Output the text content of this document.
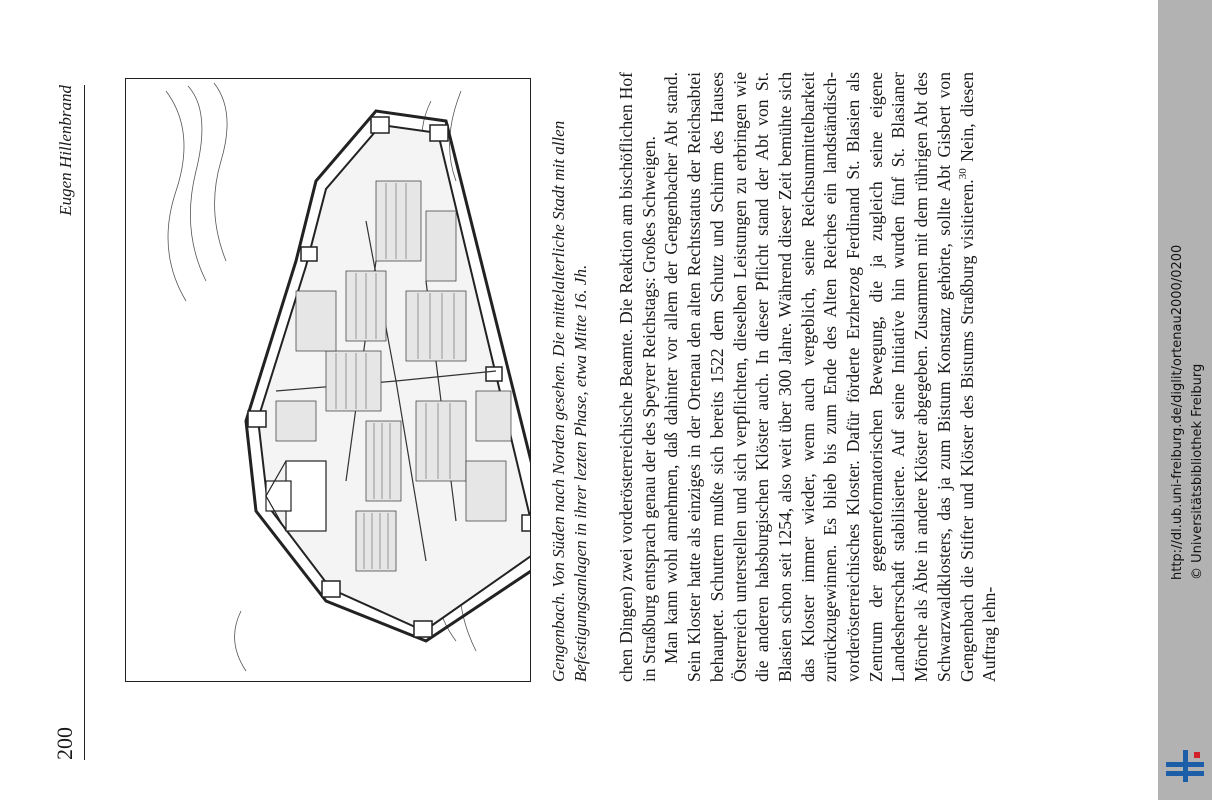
200
Eugen Hillenbrand	Gengenbach. Von Süden nach Norden gesehen. Die mittelalterliche Stadt mit allen Befestigungsanlagen in ihrer lezten Phase, etwa Mitte 16. Jh. chen Dingen) zwei vorderösterreichische Beamte. Die Reaktion am bischöflichen Hof in Straßburg entsprach genau der des Speyrer Reichstags: Großes Schweigen. Man kann wohl annehmen, daß dahinter vor allem der Gengenbacher Abt stand. Sein Kloster hatte als einziges in der Ortenau den alten Rechtsstatus der Reichsabtei behauptet. Schuttern mußte sich bereits 1522 dem Schutz und Schirm des Hauses Österreich unterstellen und sich verpflichten, dieselben Leistungen zu erbringen wie die anderen habsburgischen Klöster auch. In dieser Pflicht stand der Abt von St. Blasien schon seit 1254, also weit über 300 Jahre. Während dieser Zeit bemühte sich das Kloster immer wieder, wenn auch vergeblich, seine Reichsunmittelbarkeit zurückzugewinnen. Es blieb bis zum Ende des Alten Reiches ein landständisch-vorderösterreichisches Kloster. Dafür förderte Erzherzog Ferdinand St. Blasien als Zentrum der gegenreformatorischen Bewegung, die ja zugleich seine eigene Landesherrschaft stabilisierte. Auf seine Initiative hin wurden fünf St. Blasianer Mönche als Äbte in andere Klöster abgegeben. Zusammen mit dem rührigen Abt des Schwarzwaldklosters, das ja zum Bistum Konstanz gehörte, sollte Abt Gisbert von Gengenbach die Stifter und Klöster des Bistums Straßburg visitieren.$^{30}$ Nein, diesen Auftrag lehn-

http://dl.ub.uni-freiburg.de/diglit/ortenau2000/0200 © Universitätsbibliothek Freiburg
